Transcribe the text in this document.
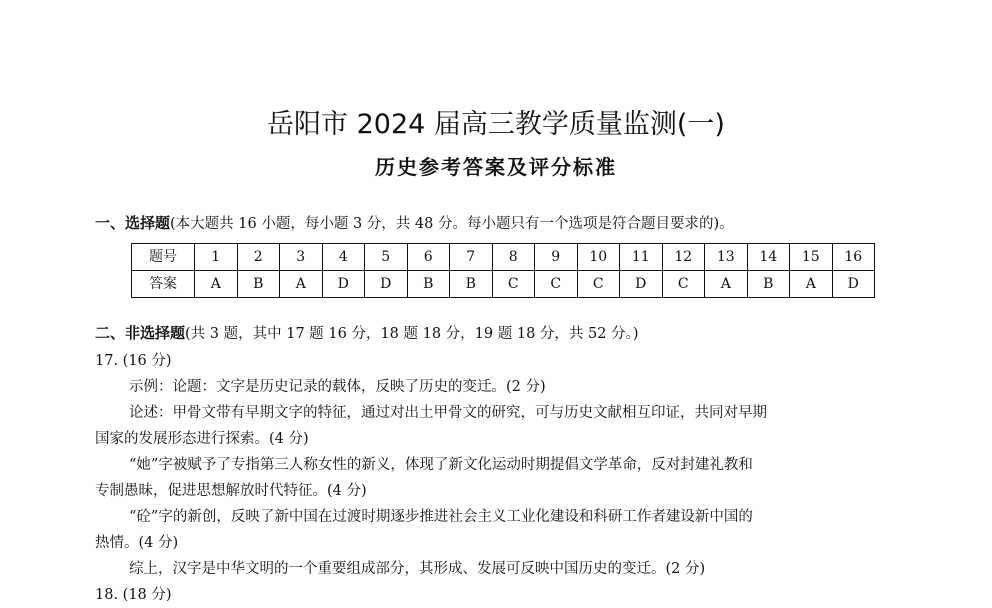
岳阳市 2024 届高三教学质量监测(一)
历史参考答案及评分标准
一、选择题(本大题共 16 小题，每小题 3 分，共 48 分。每小题只有一个选项是符合题目要求的)。
题号	1	2	3	4	5	6	7	8	9	10	11	12	13	14	15	16
答案	A	B	A	D	D	B	B	C	C	C	D	C	A	B	A	D
二、非选择题(共 3 题，其中 17 题 16 分，18 题 18 分，19 题 18 分，共 52 分。)
17. (16 分)
示例：论题：文字是历史记录的载体，反映了历史的变迁。(2 分)
论述：甲骨文带有早期文字的特征，通过对出土甲骨文的研究，可与历史文献相互印证，共同对早期
国家的发展形态进行探索。(4 分)
“她”字被赋予了专指第三人称女性的新义，体现了新文化运动时期提倡文学革命，反对封建礼教和
专制愚昧，促进思想解放时代特征。(4 分)
“砼”字的新创，反映了新中国在过渡时期逐步推进社会主义工业化建设和科研工作者建设新中国的
热情。(4 分)
综上，汉字是中华文明的一个重要组成部分，其形成、发展可反映中国历史的变迁。(2 分)
18. (18 分)
